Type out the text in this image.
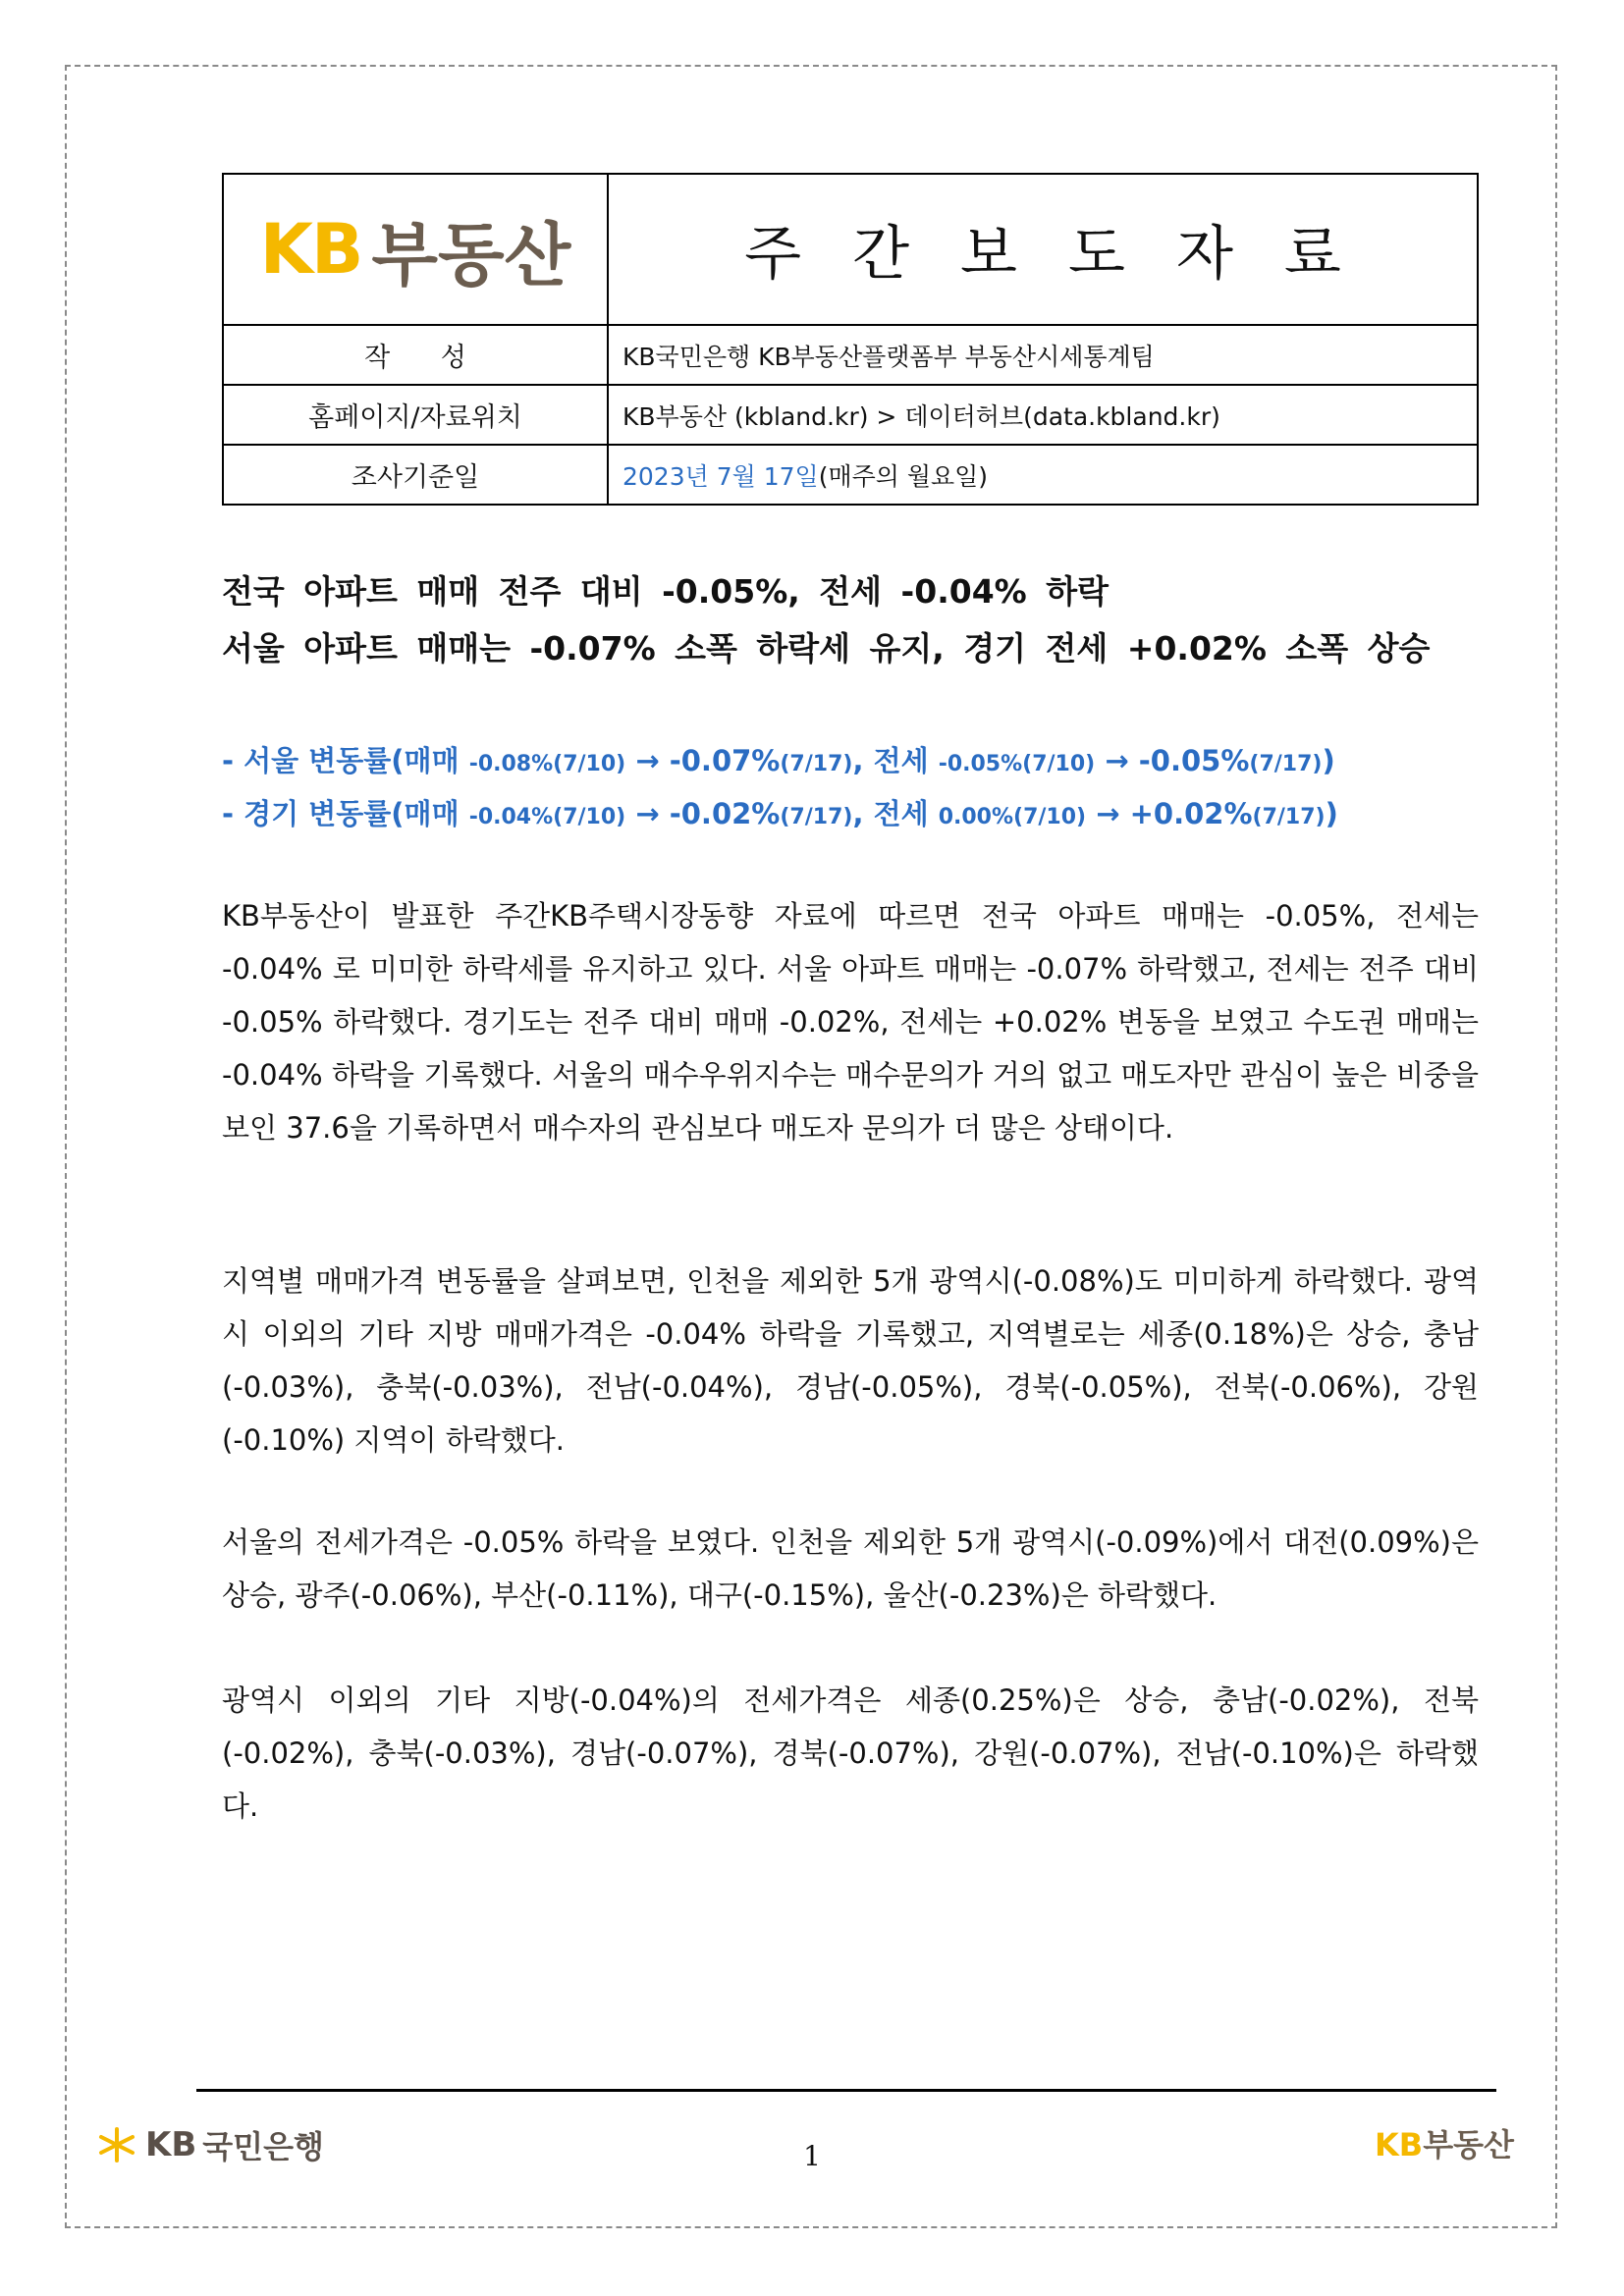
KB 부동산	주간보도자료
작      성	KB국민은행 KB부동산플랫폼부 부동산시세통계팀
홈페이지/자료위치	KB부동산 (kbland.kr) > 데이터허브(data.kbland.kr)
조사기준일	2023년 7월 17일(매주의 월요일)
전국 아파트 매매 전주 대비 -0.05%, 전세 -0.04% 하락
서울 아파트 매매는 -0.07% 소폭 하락세 유지, 경기 전세 +0.02% 소폭 상승
- 서울 변동률(매매 -0.08%(7/10) → -0.07%(7/17), 전세 -0.05%(7/10) → -0.05%(7/17))
- 경기 변동률(매매 -0.04%(7/10) → -0.02%(7/17), 전세 0.00%(7/10) → +0.02%(7/17))
KB부동산이 발표한 주간KB주택시장동향 자료에 따르면 전국 아파트 매매는 -0.05%, 전세는 -0.04% 로 미미한 하락세를 유지하고 있다. 서울 아파트 매매는 -0.07% 하락했고, 전세는 전주 대비 -0.05% 하락했다. 경기도는 전주 대비 매매 -0.02%, 전세는 +0.02% 변동을 보였고 수도권 매매는 -0.04% 하락을 기록했다. 서울의 매수우위지수는 매수문의가 거의 없고 매도자만 관심이 높은 비중을 보인 37.6을 기록하면서 매수자의 관심보다 매도자 문의가 더 많은 상태이다.
지역별 매매가격 변동률을 살펴보면, 인천을 제외한 5개 광역시(-0.08%)도 미미하게 하락했다. 광역시 이외의 기타 지방 매매가격은 -0.04% 하락을 기록했고, 지역별로는 세종(0.18%)은 상승, 충남(-0.03%), 충북(-0.03%), 전남(-0.04%), 경남(-0.05%), 경북(-0.05%), 전북(-0.06%), 강원(-0.10%) 지역이 하락했다.
서울의 전세가격은 -0.05% 하락을 보였다. 인천을 제외한 5개 광역시(-0.09%)에서 대전(0.09%)은 상승, 광주(-0.06%), 부산(-0.11%), 대구(-0.15%), 울산(-0.23%)은 하락했다.
광역시 이외의 기타 지방(-0.04%)의 전세가격은 세종(0.25%)은 상승, 충남(-0.02%), 전북(-0.02%), 충북(-0.03%), 경남(-0.07%), 경북(-0.07%), 강원(-0.07%), 전남(-0.10%)은 하락했다.
KB 국민은행	1	KB부동산
